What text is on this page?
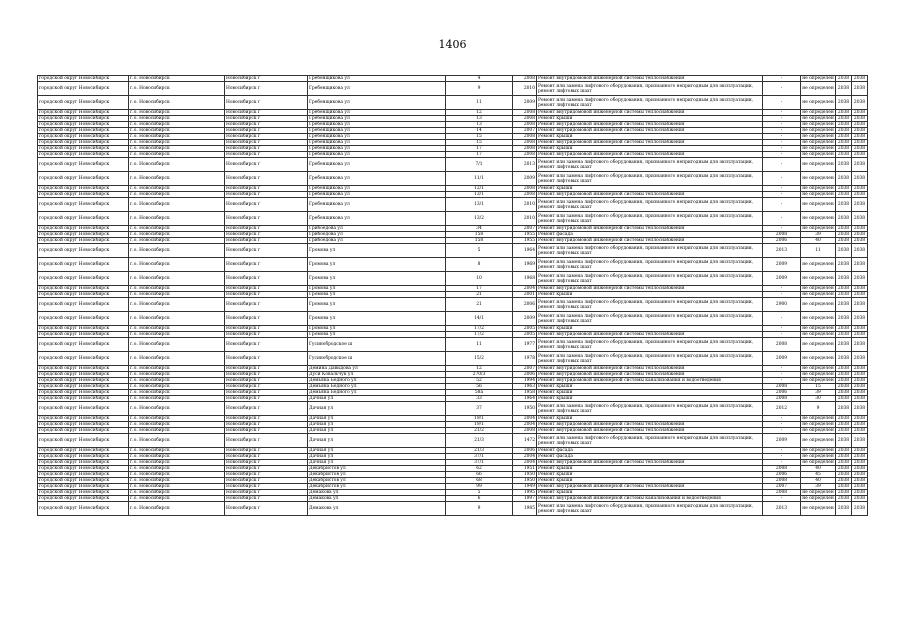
1406
городской округ Новосибирск	г.о. Новосибирск	Новосибирск г	Гребенщикова ул	4	2008	Ремонт внутридомовой инженерной системы теплоснабжения	-	не определен	2038	2038
городской округ Новосибирск	г.о. Новосибирск	Новосибирск г	Гребенщикова ул	9	2010	Ремонт или замена лифтового оборудования, признанного непригодным для эксплуатации, ремонт лифтовых шахт	-	не определен	2038	2038
городской округ Новосибирск	г.о. Новосибирск	Новосибирск г	Гребенщикова ул	11	2009	Ремонт или замена лифтового оборудования, признанного непригодным для эксплуатации, ремонт лифтовых шахт	-	не определен	2038	2038
городской округ Новосибирск	г.о. Новосибирск	Новосибирск г	Гребенщикова ул	12	2008	Ремонт внутридомовой инженерной системы теплоснабжения	-	не определен	2038	2038
городской округ Новосибирск	г.о. Новосибирск	Новосибирск г	Гребенщикова ул	13	2008	Ремонт крыши	-	не определен	2038	2038
городской округ Новосибирск	г.о. Новосибирск	Новосибирск г	Гребенщикова ул	13	2008	Ремонт внутридомовой инженерной системы теплоснабжения	-	не определен	2038	2038
городской округ Новосибирск	г.о. Новосибирск	Новосибирск г	Гребенщикова ул	14	2007	Ремонт внутридомовой инженерной системы теплоснабжения	-	не определен	2038	2038
городской округ Новосибирск	г.о. Новосибирск	Новосибирск г	Гребенщикова ул	15	2008	Ремонт крыши	-	не определен	2038	2038
городской округ Новосибирск	г.о. Новосибирск	Новосибирск г	Гребенщикова ул	15	2008	Ремонт внутридомовой инженерной системы теплоснабжения	-	не определен	2038	2038
городской округ Новосибирск	г.о. Новосибирск	Новосибирск г	Гребенщикова ул	17	2008	Ремонт крыши	-	не определен	2038	2038
городской округ Новосибирск	г.о. Новосибирск	Новосибирск г	Гребенщикова ул	17	2008	Ремонт внутридомовой инженерной системы теплоснабжения	-	не определен	2038	2038
городской округ Новосибирск	г.о. Новосибирск	Новосибирск г	Гребенщикова ул	7/1	2013	Ремонт или замена лифтового оборудования, признанного непригодным для эксплуатации, ремонт лифтовых шахт	-	не определен	2038	2038
городской округ Новосибирск	г.о. Новосибирск	Новосибирск г	Гребенщикова ул	11/1	2009	Ремонт или замена лифтового оборудования, признанного непригодным для эксплуатации, ремонт лифтовых шахт	-	не определен	2038	2038
городской округ Новосибирск	г.о. Новосибирск	Новосибирск г	Гребенщикова ул	12/1	2008	Ремонт крыши	-	не определен	2038	2038
городской округ Новосибирск	г.о. Новосибирск	Новосибирск г	Гребенщикова ул	13/1	2008	Ремонт внутридомовой инженерной системы теплоснабжения	-	не определен	2038	2038
городской округ Новосибирск	г.о. Новосибирск	Новосибирск г	Гребенщикова ул	13/1	2010	Ремонт или замена лифтового оборудования, признанного непригодным для эксплуатации, ремонт лифтовых шахт	-	не определен	2038	2038
городской округ Новосибирск	г.о. Новосибирск	Новосибирск г	Гребенщикова ул	13/2	2010	Ремонт или замена лифтового оборудования, признанного непригодным для эксплуатации, ремонт лифтовых шахт	-	не определен	2038	2038
городской округ Новосибирск	г.о. Новосибирск	Новосибирск г	Грибоедова ул	34	2007	Ремонт внутридомовой инженерной системы теплоснабжения	-	не определен	2038	2038
городской округ Новосибирск	г.о. Новосибирск	Новосибирск г	Грибоедова ул	158	1955	Ремонт фасада	2008	39	2038	2038
городской округ Новосибирск	г.о. Новосибирск	Новосибирск г	Грибоедова ул	158	1955	Ремонт внутридомовой инженерной системы теплоснабжения	2006	40	2038	2038
городской округ Новосибирск	г.о. Новосибирск	Новосибирск г	Громова ул	5	1964	Ремонт или замена лифтового оборудования, признанного непригодным для эксплуатации, ремонт лифтовых шахт	2013	11	2038	2038
городской округ Новосибирск	г.о. Новосибирск	Новосибирск г	Громова ул	8	1969	Ремонт или замена лифтового оборудования, признанного непригодным для эксплуатации, ремонт лифтовых шахт	2009	не определен	2038	2038
городской округ Новосибирск	г.о. Новосибирск	Новосибирск г	Громова ул	10	1968	Ремонт или замена лифтового оборудования, признанного непригодным для эксплуатации, ремонт лифтовых шахт	2009	не определен	2038	2038
городской округ Новосибирск	г.о. Новосибирск	Новосибирск г	Громова ул	17	2004	Ремонт внутридомовой инженерной системы теплоснабжения	-	не определен	2038	2038
городской округ Новосибирск	г.о. Новосибирск	Новосибирск г	Громова ул	21	2001	Ремонт крыши	-	не определен	2038	2038
городской округ Новосибирск	г.о. Новосибирск	Новосибирск г	Громова ул	21	2006	Ремонт или замена лифтового оборудования, признанного непригодным для эксплуатации, ремонт лифтовых шахт	2900	не определен	2038	2038
городской округ Новосибирск	г.о. Новосибирск	Новосибирск г	Громова ул	14/1	2009	Ремонт или замена лифтового оборудования, признанного непригодным для эксплуатации, ремонт лифтовых шахт	-	не определен	2038	2038
городской округ Новосибирск	г.о. Новосибирск	Новосибирск г	Громова ул	17/2	2005	Ремонт крыши	-	не определен	2038	2038
городской округ Новосибирск	г.о. Новосибирск	Новосибирск г	Громова ул	17/2	2005	Ремонт внутридомовой инженерной системы теплоснабжения	-	не определен	2038	2038
городской округ Новосибирск	г.о. Новосибирск	Новосибирск г	Гусинобродское ш	11	1977	Ремонт или замена лифтового оборудования, признанного непригодным для эксплуатации, ремонт лифтовых шахт	2008	не определен	2038	2038
городской округ Новосибирск	г.о. Новосибирск	Новосибирск г	Гусинобродское ш	15/2	1978	Ремонт или замена лифтового оборудования, признанного непригодным для эксплуатации, ремонт лифтовых шахт	2009	не определен	2038	2038
городской округ Новосибирск	г.о. Новосибирск	Новосибирск г	Демина Давыдова ул	12	2007	Ремонт внутридомовой инженерной системы теплоснабжения	-	не определен	2038	2038
городской округ Новосибирск	г.о. Новосибирск	Новосибирск г	Дуси Ковальчук ул	270/3	2006	Ремонт внутридомовой инженерной системы теплоснабжения	-	не определен	2038	2038
городской округ Новосибирск	г.о. Новосибирск	Новосибирск г	Демьяна Бедного ул	52	1994	Ремонт внутридомовой инженерной системы канализования и водоотведения	-	не определен	2038	2038
городской округ Новосибирск	г.о. Новосибирск	Новосибирск г	Демьяна Бедного ул	56	1963	Ремонт крыши	2008	15	2038	2038
городской округ Новосибирск	г.о. Новосибирск	Новосибирск г	Демьяна Бедного ул	58а	1958	Ремонт крыши	2006	39	2038	2038
городской округ Новосибирск	г.о. Новосибирск	Новосибирск г	Дачная ул	33	1964	Ремонт крыши	2008	30	2038	2038
городской округ Новосибирск	г.о. Новосибирск	Новосибирск г	Дачная ул	37	1950	Ремонт или замена лифтового оборудования, признанного непригодным для эксплуатации, ремонт лифтовых шахт	2012	9	2038	2038
городской округ Новосибирск	г.о. Новосибирск	Новосибирск г	Дачная ул	19/1	2004	Ремонт крыши	-	не определен	2038	2038
городской округ Новосибирск	г.о. Новосибирск	Новосибирск г	Дачная ул	19/1	2004	Ремонт внутридомовой инженерной системы теплоснабжения	-	не определен	2038	2038
городской округ Новосибирск	г.о. Новосибирск	Новосибирск г	Дачная ул	21/2	2008	Ремонт внутридомовой инженерной системы теплоснабжения	-	не определен	2038	2038
городской округ Новосибирск	г.о. Новосибирск	Новосибирск г	Дачная ул	21/3	1472	Ремонт или замена лифтового оборудования, признанного непригодным для эксплуатации, ремонт лифтовых шахт	2009	не определен	2038	2038
городской округ Новосибирск	г.о. Новосибирск	Новосибирск г	Дачная ул	21/3	2006	Ремонт фасада	-	не определен	2038	2038
городской округ Новосибирск	г.о. Новосибирск	Новосибирск г	Дачная ул	37/1	2004	Ремонт фасада	-	не определен	2038	2038
городской округ Новосибирск	г.о. Новосибирск	Новосибирск г	Дачная ул	37/1	2004	Ремонт внутридомовой инженерной системы теплоснабжения	-	не определен	2038	2038
городской округ Новосибирск	г.о. Новосибирск	Новосибирск г	Декабристов ул	62	1951	Ремонт крыши	2008	40	2038	2038
городской округ Новосибирск	г.о. Новосибирск	Новосибирск г	Декабристов ул	66	1950	Ремонт крыши	2006	45	2038	2038
городской округ Новосибирск	г.о. Новосибирск	Новосибирск г	Декабристов ул	68	1950	Ремонт крыши	2008	40	2038	2038
городской округ Новосибирск	г.о. Новосибирск	Новосибирск г	Декабристов ул	99	1949	Ремонт внутридомовой инженерной системы теплоснабжения	2007	39	2038	2038
городской округ Новосибирск	г.о. Новосибирск	Новосибирск г	Демакова ул	5	1995	Ремонт крыши	2008	не определен	2038	2038
городской округ Новосибирск	г.о. Новосибирск	Новосибирск г	Демакова ул	6	1997	Ремонт внутридомовой инженерной системы канализования и водоотведения	-	не определен	2038	2038
городской округ Новосибирск	г.о. Новосибирск	Новосибирск г	Демакова ул	9	1985	Ремонт или замена лифтового оборудования, признанного непригодным для эксплуатации, ремонт лифтовых шахт	2013	не определен	2038	2038
